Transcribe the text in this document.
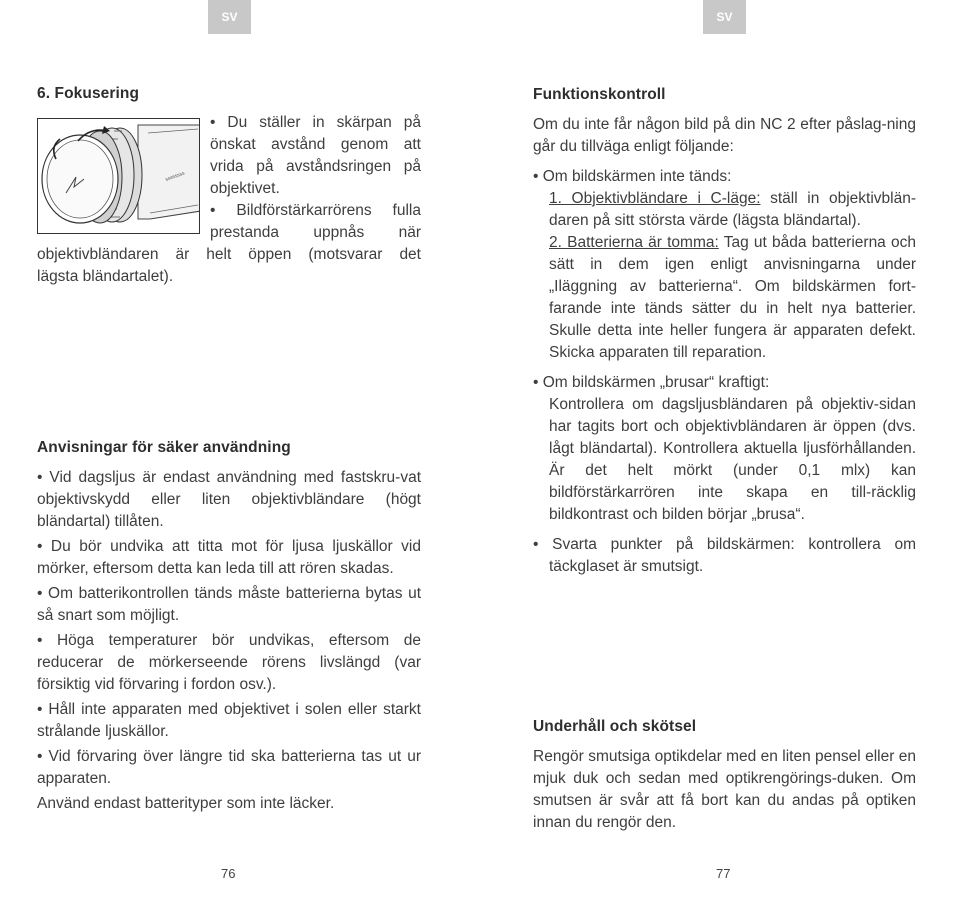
SV	SV
6. Fokusering
ssssssss

• Du ställer in skärpan på

önskat avstånd genom att

vrida på avståndsringen på

objektivet.

• Bildförstärkarrörens fulla

prestanda uppnås när

objektivbländaren är helt öppen (motsvarar det

lägsta bländartalet).

Anvisningar för säker användning

• Vid dagsljus är endast användning med fastskru-vat objektivskydd eller liten objektivbländare (högt bländartal) tillåten.

• Du bör undvika att titta mot för ljusa ljuskällor vid mörker, eftersom detta kan leda till att rören skadas.

• Om batterikontrollen tänds måste batterierna bytas ut så snart som möjligt.

• Höga temperaturer bör undvikas, eftersom de reducerar de mörkerseende rörens livslängd (var försiktig vid förvaring i fordon osv.).

• Håll inte apparaten med objektivet i solen eller starkt strålande ljuskällor.

• Vid förvaring över längre tid ska batterierna tas ut ur apparaten.

Använd endast batterityper som inte läcker.

76
Funktionskontroll

Om du inte får någon bild på din NC 2 efter påslag-ning går du tillväga enligt följande:

• Om bildskärmen inte tänds:

1. Objektivbländare i C-läge: ställ in objektivblän-daren på sitt största värde (lägsta bländartal).

2. Batterierna är tomma: Tag ut båda batterierna och sätt in dem igen enligt anvisningarna under „Iläggning av batterierna“. Om bildskärmen fort-farande inte tänds sätter du in helt nya batterier. Skulle detta inte heller fungera är apparaten defekt. Skicka apparaten till reparation.

• Om bildskärmen „brusar“ kraftigt:

Kontrollera om dagsljusbländaren på objektiv-sidan har tagits bort och objektivbländaren är öppen (dvs. lågt bländartal). Kontrollera aktuella ljusförhållanden. Är det helt mörkt (under 0,1 mlx) kan bildförstärkarrören inte skapa en till-räcklig bildkontrast och bilden börjar „brusa“.

• Svarta punkter på bildskärmen: kontrollera om täckglaset är smutsigt.

Underhåll och skötsel

Rengör smutsiga optikdelar med en liten pensel eller en mjuk duk och sedan med optikrengörings-duken. Om smutsen är svår att få bort kan du andas på optiken innan du rengör den.

77
